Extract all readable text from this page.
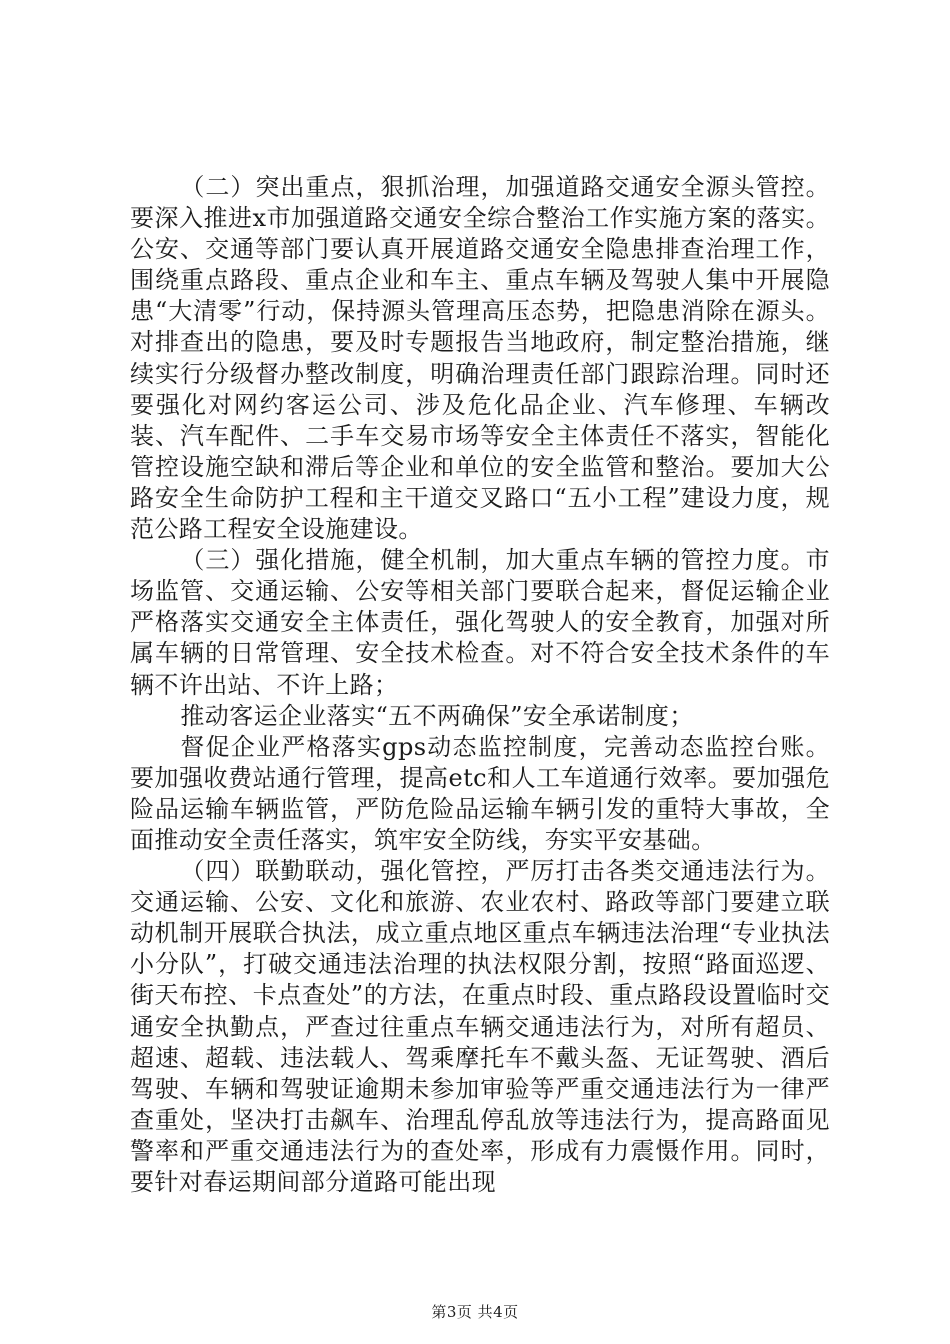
（二）突出重点，狠抓治理，加强道路交通安全源头管控。要深入推进x市加强道路交通安全综合整治工作实施方案的落实。公安、交通等部门要认真开展道路交通安全隐患排查治理工作，围绕重点路段、重点企业和车主、重点车辆及驾驶人集中开展隐患“大清零”行动，保持源头管理高压态势，把隐患消除在源头。对排查出的隐患，要及时专题报告当地政府，制定整治措施，继续实行分级督办整改制度，明确治理责任部门跟踪治理。同时还要强化对网约客运公司、涉及危化品企业、汽车修理、车辆改装、汽车配件、二手车交易市场等安全主体责任不落实，智能化管控设施空缺和滞后等企业和单位的安全监管和整治。要加大公路安全生命防护工程和主干道交叉路口“五小工程”建设力度，规范公路工程安全设施建设。

（三）强化措施，健全机制，加大重点车辆的管控力度。市场监管、交通运输、公安等相关部门要联合起来，督促运输企业严格落实交通安全主体责任，强化驾驶人的安全教育，加强对所属车辆的日常管理、安全技术检查。对不符合安全技术条件的车辆不许出站、不许上路；

推动客运企业落实“五不两确保”安全承诺制度；

督促企业严格落实gps动态监控制度，完善动态监控台账。要加强收费站通行管理，提高etc和人工车道通行效率。要加强危险品运输车辆监管，严防危险品运输车辆引发的重特大事故，全面推动安全责任落实，筑牢安全防线，夯实平安基础。

（四）联勤联动，强化管控，严厉打击各类交通违法行为。交通运输、公安、文化和旅游、农业农村、路政等部门要建立联动机制开展联合执法，成立重点地区重点车辆违法治理“专业执法小分队”，打破交通违法治理的执法权限分割，按照“路面巡逻、街天布控、卡点查处”的方法，在重点时段、重点路段设置临时交通安全执勤点，严查过往重点车辆交通违法行为，对所有超员、超速、超载、违法载人、驾乘摩托车不戴头盔、无证驾驶、酒后驾驶、车辆和驾驶证逾期未参加审验等严重交通违法行为一律严查重处，坚决打击飙车、治理乱停乱放等违法行为，提高路面见警率和严重交通违法行为的查处率，形成有力震慑作用。同时，要针对春运期间部分道路可能出现

第3页 共4页
